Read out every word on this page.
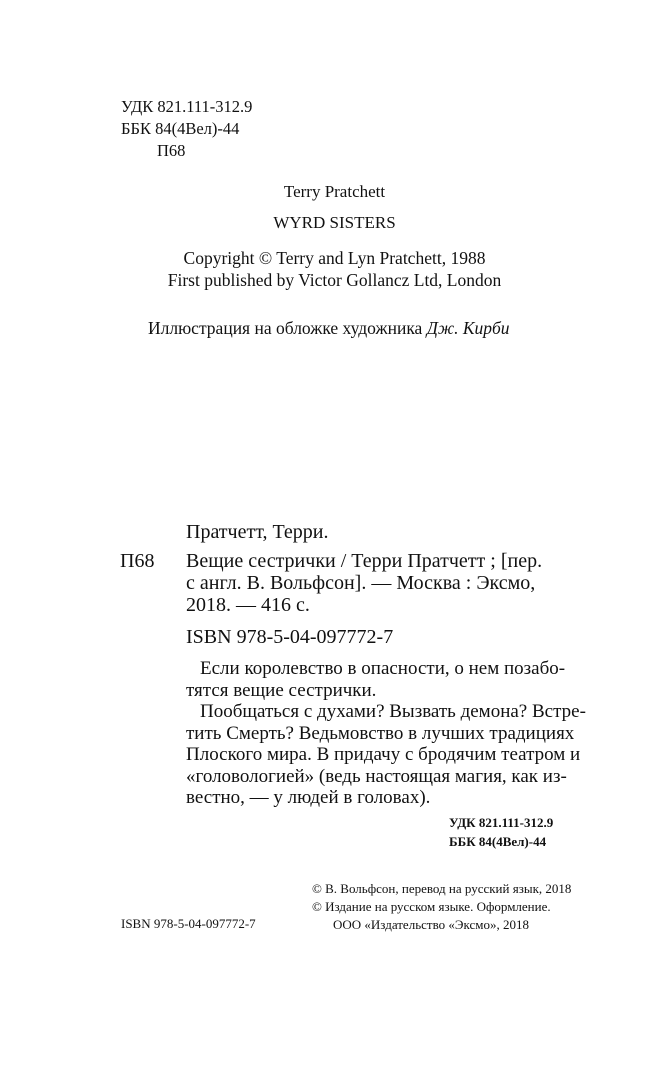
УДК 821.111-312.9
ББК 84(4Вел)-44
П68
Terry Pratchett
WYRD SISTERS
Copyright © Terry and Lyn Pratchett, 1988
First published by Victor Gollancz Ltd, London
Иллюстрация на обложке художника Дж. Кирби
Пратчетт, Терри.
П68 Вещие сестрички / Терри Пратчетт ; [пер.
с англ. В. Вольфсон]. — Москва : Эксмо,
2018. — 416 с.
ISBN 978-5-04-097772-7
Если королевство в опасности, о нем позабо-
тятся вещие сестрички.
Пообщаться с духами? Вызвать демона? Встре-
тить Смерть? Ведьмовство в лучших традициях
Плоского мира. В придачу с бродячим театром и
«головологией» (ведь настоящая магия, как из-
вестно, — у людей в головах).
УДК 821.111-312.9
ББК 84(4Вел)-44
© В. Вольфсон, перевод на русский язык, 2018
© Издание на русском языке. Оформление.
ООО «Издательство «Эксмо», 2018
ISBN 978-5-04-097772-7
